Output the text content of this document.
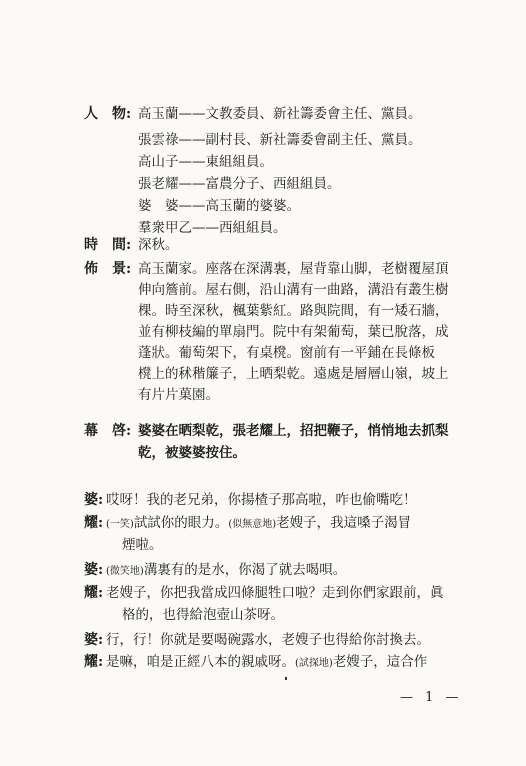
人　物: 高玉蘭——文教委員、新社籌委會主任、黨員。
張雲祿——副村長、新社籌委會副主任、黨員。
高山子——東組組員。
張老耀——富農分子、西組組員。
婆　婆——高玉蘭的婆婆。
羣衆甲乙——西組組員。
時　間: 深秋。
佈　景: 高玉蘭家。座落在深溝裏，屋背靠山脚，老樹覆屋頂
伸向簷前。屋右側，沿山溝有一曲路，溝沿有叢生樹
棵。時至深秋，楓葉紫紅。路與院間，有一矮石牆，
並有柳枝編的單扇門。院中有架葡萄，葉已脫落，成
蓬狀。葡萄架下，有桌櫈。窗前有一平鋪在長條板
櫈上的秫稭簾子，上晒梨乾。遠處是層層山嶺，坡上
有片片菓園。
幕　啓: 婆婆在晒梨乾，張老耀上，招把鞭子，悄悄地去抓梨
乾，被婆婆按住。
婆: 哎呀！我的老兄弟，你揚楂子那高啦，咋也偷嘴吃！
耀: (一笑)試試你的眼力。(似無意地)老嫂子，我這嗓子渴冒
煙啦。
婆: (微笑地)溝裏有的是水，你渴了就去喝唄。
耀: 老嫂子，你把我當成四條腿牲口啦？走到你們家跟前，眞
格的，也得給泡壺山茶呀。
婆: 行，行！你就是要喝碗露水，老嫂子也得給你討換去。
耀: 是嘛，咱是正經八本的親戚呀。(試探地)老嫂子，這合作
— 1 —
